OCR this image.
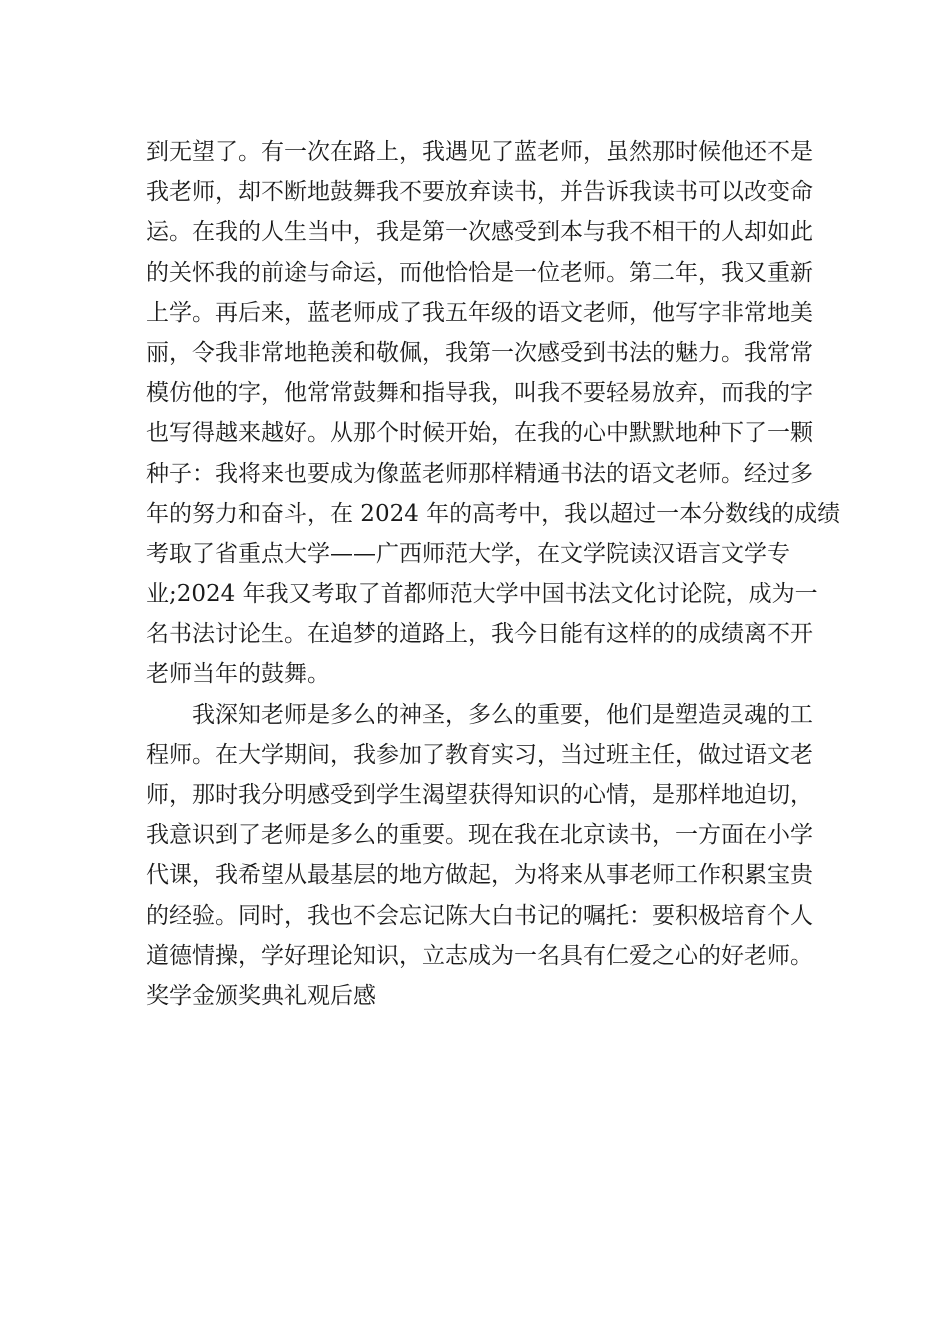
到无望了。有一次在路上，我遇见了蓝老师，虽然那时候他还不是
我老师，却不断地鼓舞我不要放弃读书，并告诉我读书可以改变命
运。在我的人生当中，我是第一次感受到本与我不相干的人却如此
的关怀我的前途与命运，而他恰恰是一位老师。第二年，我又重新
上学。再后来，蓝老师成了我五年级的语文老师，他写字非常地美
丽，令我非常地艳羡和敬佩，我第一次感受到书法的魅力。我常常
模仿他的字，他常常鼓舞和指导我，叫我不要轻易放弃，而我的字
也写得越来越好。从那个时候开始，在我的心中默默地种下了一颗
种子：我将来也要成为像蓝老师那样精通书法的语文老师。经过多
年的努力和奋斗，在 2024 年的高考中，我以超过一本分数线的成绩
考取了省重点大学——广西师范大学，在文学院读汉语言文学专
业;2024 年我又考取了首都师范大学中国书法文化讨论院，成为一
名书法讨论生。在追梦的道路上，我今日能有这样的的成绩离不开
老师当年的鼓舞。
我深知老师是多么的神圣，多么的重要，他们是塑造灵魂的工
程师。在大学期间，我参加了教育实习，当过班主任，做过语文老
师，那时我分明感受到学生渴望获得知识的心情，是那样地迫切，
我意识到了老师是多么的重要。现在我在北京读书，一方面在小学
代课，我希望从最基层的地方做起，为将来从事老师工作积累宝贵
的经验。同时，我也不会忘记陈大白书记的嘱托：要积极培育个人
道德情操，学好理论知识，立志成为一名具有仁爱之心的好老师。
奖学金颁奖典礼观后感
